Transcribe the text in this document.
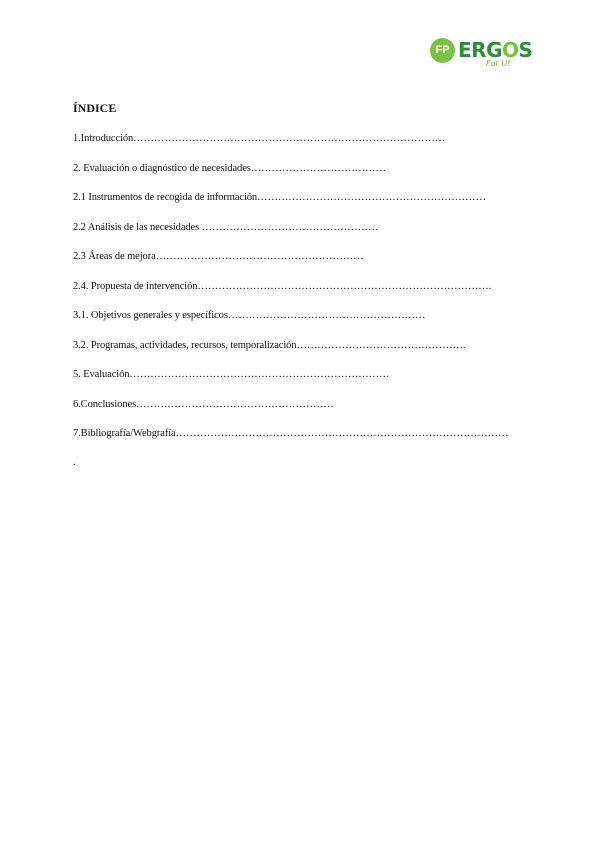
FP ERGOS
For U!
ÍNDICE
1.Introducción………………………………………………………………………………
2. Evaluación o diagnóstico de necesidades…………………………………
2.1 Instrumentos de recogida de información…………………………………………………………
2.2 Análisis de las necesidades ……………………………………………
2.3 Áreas de mejora……………………………………………………
2.4. Propuesta de intervención………………………………………………………………………….
3.1. Objetivos generales y específicos…………………………………………………
3.2. Programas, actividades, recursos, temporalización………………………………………….
5. Evaluación…………………………………………………………………
6.Conclusiones…………………………………………………
7.Bibliografía/Webgrafía……………………………………………………………………………………
.
